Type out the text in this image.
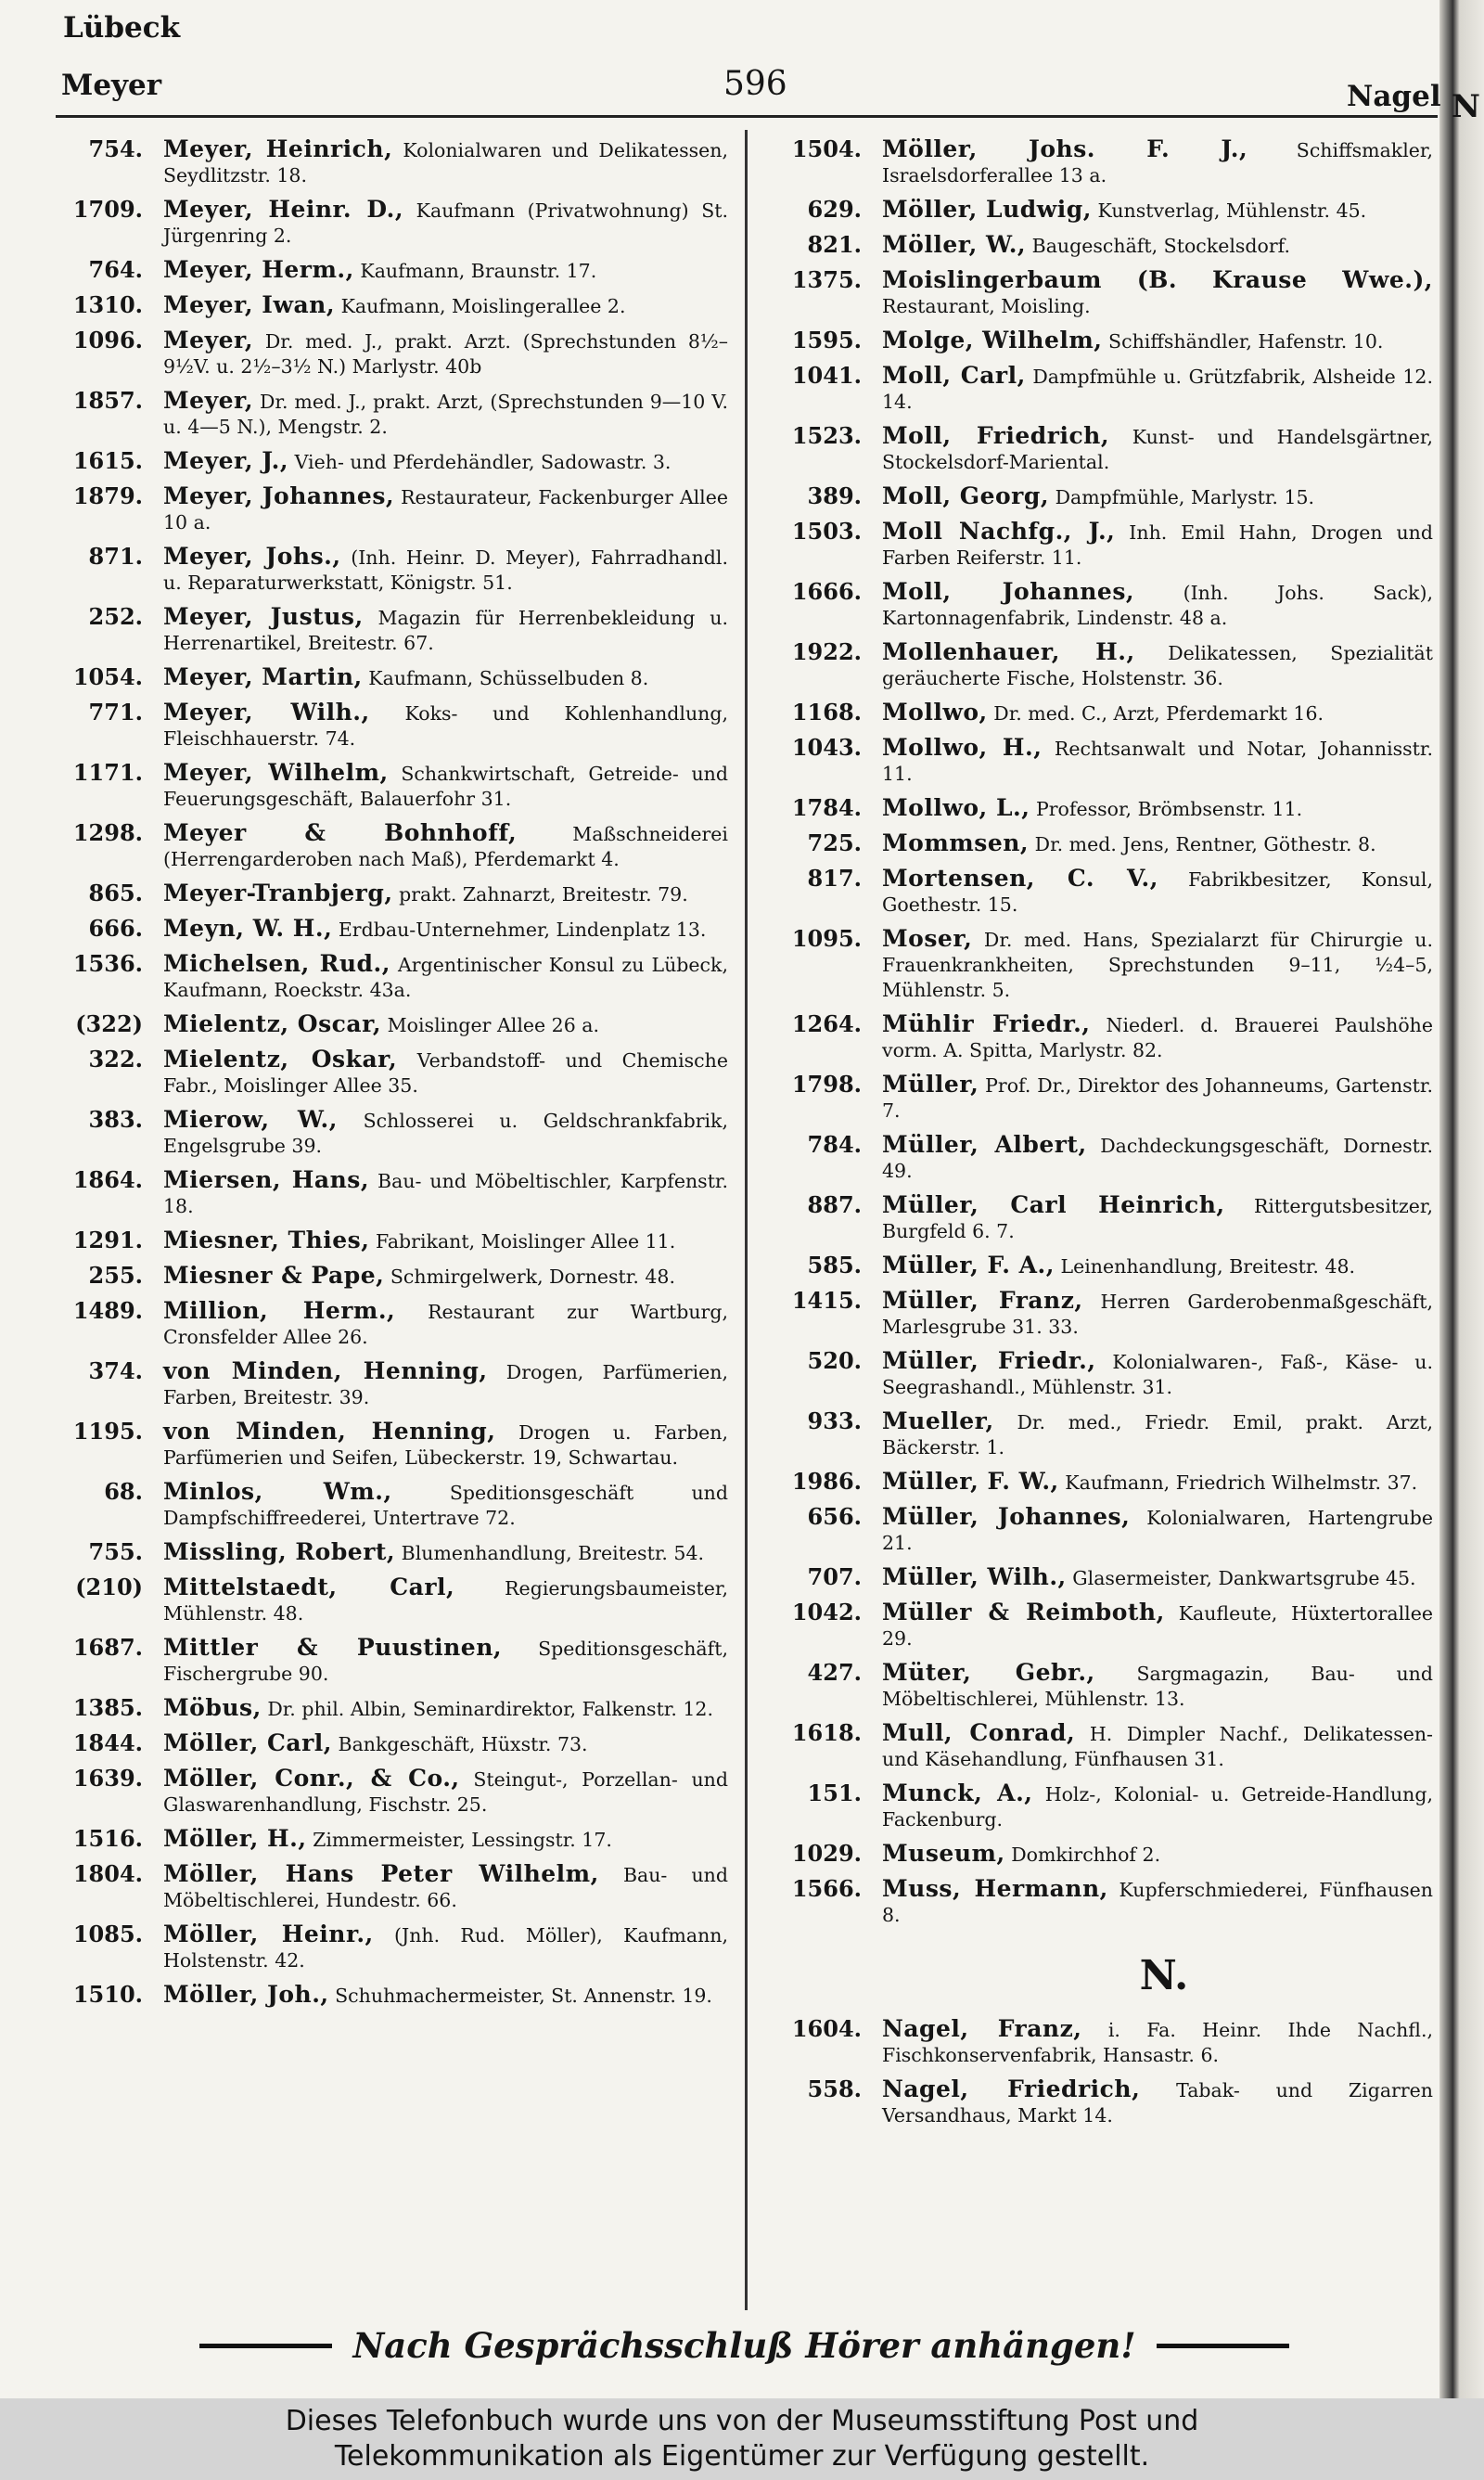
N
Lübeck
Meyer	596	Nagel
754. Meyer, Heinrich, Kolonialwaren und Delikatessen, Seydlitzstr. 18.
1709. Meyer, Heinr. D., Kaufmann (Privatwohnung) St. Jürgenring 2.
764. Meyer, Herm., Kaufmann, Braunstr. 17.
1310. Meyer, Iwan, Kaufmann, Moislingerallee 2.
1096. Meyer, Dr. med. J., prakt. Arzt. (Sprechstunden 8½–9½V. u. 2½–3½ N.) Marlystr. 40b
1857. Meyer, Dr. med. J., prakt. Arzt, (Sprechstunden 9—10 V. u. 4—5 N.), Mengstr. 2.
1615. Meyer, J., Vieh- und Pferdehändler, Sadowastr. 3.
1879. Meyer, Johannes, Restaurateur, Fackenburger Allee 10 a.
871. Meyer, Johs., (Inh. Heinr. D. Meyer), Fahrradhandl. u. Reparaturwerkstatt, Königstr. 51.
252. Meyer, Justus, Magazin für Herrenbekleidung u. Herrenartikel, Breitestr. 67.
1054. Meyer, Martin, Kaufmann, Schüsselbuden 8.
771. Meyer, Wilh., Koks- und Kohlenhandlung, Fleischhauerstr. 74.
1171. Meyer, Wilhelm, Schankwirtschaft, Getreide- und Feuerungsgeschäft, Balauerfohr 31.
1298. Meyer & Bohnhoff,	Maßschneiderei (Herrengarderoben nach Maß), Pferdemarkt 4.
865. Meyer-Tranbjerg, prakt. Zahnarzt, Breitestr. 79.
666. Meyn, W. H., Erdbau-Unternehmer, Lindenplatz 13.
1536. Michelsen, Rud., Argentinischer Konsul zu Lübeck, Kaufmann, Roeckstr. 43a.
(322) Mielentz, Oscar, Moislinger Allee 26 a.
322. Mielentz, Oskar, Verbandstoff- und Chemische Fabr., Moislinger Allee 35.
383. Mierow, W., Schlosserei u. Geldschrankfabrik, Engelsgrube 39.
1864. Miersen, Hans, Bau- und Möbeltischler, Karpfenstr. 18.
1291. Miesner, Thies, Fabrikant, Moislinger Allee 11.
255. Miesner & Pape, Schmirgelwerk, Dornestr. 48.
1489. Million, Herm., Restaurant zur Wartburg, Cronsfelder Allee 26.
374. von Minden, Henning, Drogen, Parfümerien, Farben, Breitestr. 39.
1195. von Minden, Henning, Drogen u. Farben, Parfümerien und Seifen, Lübeckerstr. 19, Schwartau.
68. Minlos, Wm.,	Speditionsgeschäft und Dampfschiffreederei, Untertrave 72.
755. Missling, Robert, Blumenhandlung, Breitestr. 54.
(210) Mittelstaedt, Carl,	Regierungsbaumeister, Mühlenstr. 48.
1687. Mittler & Puustinen, Speditionsgeschäft, Fischergrube 90.
1385. Möbus, Dr. phil. Albin, Seminardirektor, Falkenstr. 12.
1844. Möller, Carl, Bankgeschäft, Hüxstr. 73.
1639. Möller, Conr., & Co., Steingut-, Porzellan- und Glaswarenhandlung, Fischstr. 25.
1516. Möller, H., Zimmermeister, Lessingstr. 17.
1804. Möller, Hans Peter Wilhelm, Bau- und Möbeltischlerei, Hundestr. 66.
1085. Möller, Heinr., (Jnh. Rud. Möller), Kaufmann, Holstenstr. 42.
1510. Möller, Joh., Schuhmachermeister, St. Annenstr. 19.
1504. Möller, Johs. F. J.,	Schiffsmakler, Israelsdorferallee 13 a.
629. Möller, Ludwig, Kunstverlag, Mühlenstr. 45.
821. Möller, W., Baugeschäft, Stockelsdorf.
1375. Moislingerbaum (B. Krause Wwe.), Restaurant, Moisling.
1595. Molge, Wilhelm, Schiffshändler, Hafenstr. 10.
1041. Moll, Carl, Dampfmühle u. Grützfabrik, Alsheide 12. 14.
1523. Moll, Friedrich, Kunst- und Handelsgärtner, Stockelsdorf-Mariental.
389. Moll, Georg, Dampfmühle, Marlystr. 15.
1503. Moll Nachfg., J., Inh. Emil Hahn, Drogen und Farben Reiferstr. 11.
1666. Moll, Johannes,	(Inh. Johs. Sack), Kartonnagenfabrik, Lindenstr. 48 a.
1922. Mollenhauer, H., Delikatessen, Spezialität geräucherte Fische, Holstenstr. 36.
1168. Mollwo, Dr. med. C., Arzt, Pferdemarkt 16.
1043. Mollwo, H., Rechtsanwalt und Notar, Johannisstr. 11.
1784. Mollwo, L., Professor, Brömbsenstr. 11.
725. Mommsen, Dr. med. Jens, Rentner, Göthestr. 8.
817. Mortensen, C. V., Fabrikbesitzer, Konsul, Goethestr. 15.
1095. Moser, Dr. med. Hans, Spezialarzt für Chirurgie u. Frauenkrankheiten, Sprechstunden 9–11, ½4–5, Mühlenstr. 5.
1264. Mühlir Friedr., Niederl. d. Brauerei Paulshöhe vorm. A. Spitta, Marlystr. 82.
1798. Müller, Prof. Dr., Direktor des Johanneums, Gartenstr. 7.
784. Müller, Albert, Dachdeckungsgeschäft, Dornestr. 49.
887. Müller, Carl Heinrich, Rittergutsbesitzer, Burgfeld 6. 7.
585. Müller, F. A., Leinenhandlung, Breitestr. 48.
1415. Müller, Franz, Herren Garderobenmaßgeschäft, Marlesgrube 31. 33.
520. Müller, Friedr., Kolonialwaren-, Faß-, Käse- u. Seegrashandl., Mühlenstr. 31.
933. Mueller, Dr. med., Friedr. Emil, prakt. Arzt, Bäckerstr. 1.
1986. Müller, F. W., Kaufmann, Friedrich Wilhelmstr. 37.
656. Müller, Johannes, Kolonialwaren, Hartengrube 21.
707. Müller, Wilh., Glasermeister, Dankwartsgrube 45.
1042. Müller & Reimboth, Kaufleute, Hüxtertorallee 29.
427. Müter, Gebr., Sargmagazin, Bau- und Möbeltischlerei, Mühlenstr. 13.
1618. Mull, Conrad, H. Dimpler Nachf., Delikatessen- und Käsehandlung, Fünfhausen 31.
151. Munck, A., Holz-, Kolonial- u. Getreide-Handlung, Fackenburg.
1029. Museum, Domkirchhof 2.
1566. Muss, Hermann, Kupferschmiederei, Fünfhausen 8.
N.
1604. Nagel, Franz, i. Fa. Heinr. Ihde Nachfl., Fischkonservenfabrik, Hansastr. 6.
558. Nagel, Friedrich, Tabak- und Zigarren Versandhaus, Markt 14.
Nach Gesprächsschluß Hörer anhängen!
Dieses Telefonbuch wurde uns von der Museumsstiftung Post und
Telekommunikation als Eigentümer zur Verfügung gestellt.
